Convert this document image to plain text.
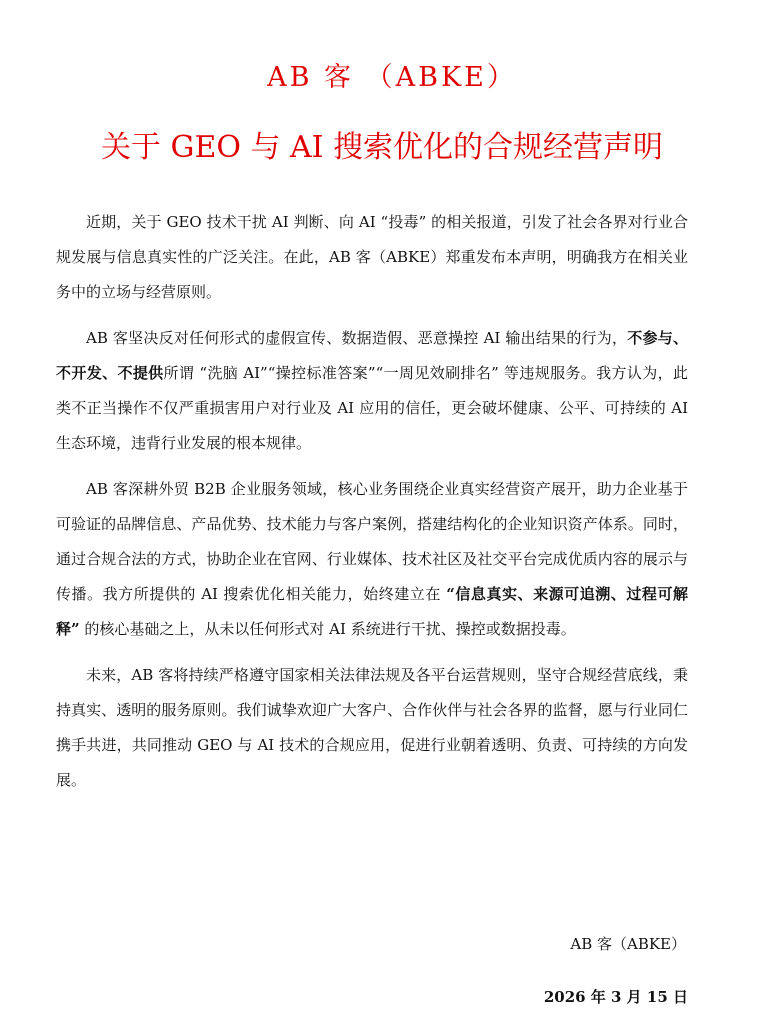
AB 客 （ABKE）
关于 GEO 与 AI 搜索优化的合规经营声明

近期，关于 GEO 技术干扰 AI 判断、向 AI “投毒” 的相关报道，引发了社会各界对行业合规发展与信息真实性的广泛关注。在此，AB 客（ABKE）郑重发布本声明，明确我方在相关业务中的立场与经营原则。

AB 客坚决反对任何形式的虚假宣传、数据造假、恶意操控 AI 输出结果的行为，不参与、不开发、不提供所谓 “洗脑 AI”“操控标准答案”“一周见效刷排名” 等违规服务。我方认为，此类不正当操作不仅严重损害用户对行业及 AI 应用的信任，更会破坏健康、公平、可持续的 AI 生态环境，违背行业发展的根本规律。

AB 客深耕外贸 B2B 企业服务领域，核心业务围绕企业真实经营资产展开，助力企业基于可验证的品牌信息、产品优势、技术能力与客户案例，搭建结构化的企业知识资产体系。同时，通过合规合法的方式，协助企业在官网、行业媒体、技术社区及社交平台完成优质内容的展示与传播。我方所提供的 AI 搜索优化相关能力，始终建立在 “信息真实、来源可追溯、过程可解释” 的核心基础之上，从未以任何形式对 AI 系统进行干扰、操控或数据投毒。

未来，AB 客将持续严格遵守国家相关法律法规及各平台运营规则，坚守合规经营底线，秉持真实、透明的服务原则。我们诚挚欢迎广大客户、合作伙伴与社会各界的监督，愿与行业同仁携手共进，共同推动 GEO 与 AI 技术的合规应用，促进行业朝着透明、负责、可持续的方向发展。

AB 客（ABKE）
2026 年 3 月 15 日
